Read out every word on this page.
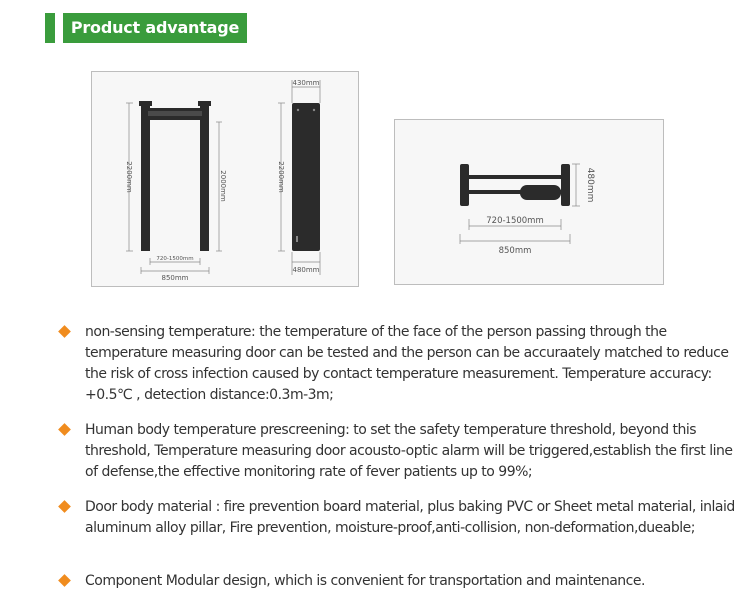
Product advantage
2200mm	2000mm
720-1500mm
850mm
430mm
2200mm
480mm
480mm
720-1500mm
850mm
non-sensing temperature: the temperature of the face of the person passing through the temperature measuring door can be tested and the person can be accuraately matched to reduce the risk of cross infection caused by contact temperature measurement. Temperature accuracy: +0.5℃ , detection distance:0.3m-3m;
Human body temperature prescreening: to set the safety temperature threshold, beyond this threshold, Temperature measuring door acousto-optic alarm will be triggered,establish the first line of defense,the effective monitoring rate of fever patients up to 99%;
Door body material : fire prevention board material, plus baking PVC or Sheet metal material, inlaid aluminum alloy pillar, Fire prevention, moisture-proof,anti-collision, non-deformation,dueable;
Component Modular design, which is convenient for transportation and maintenance.
